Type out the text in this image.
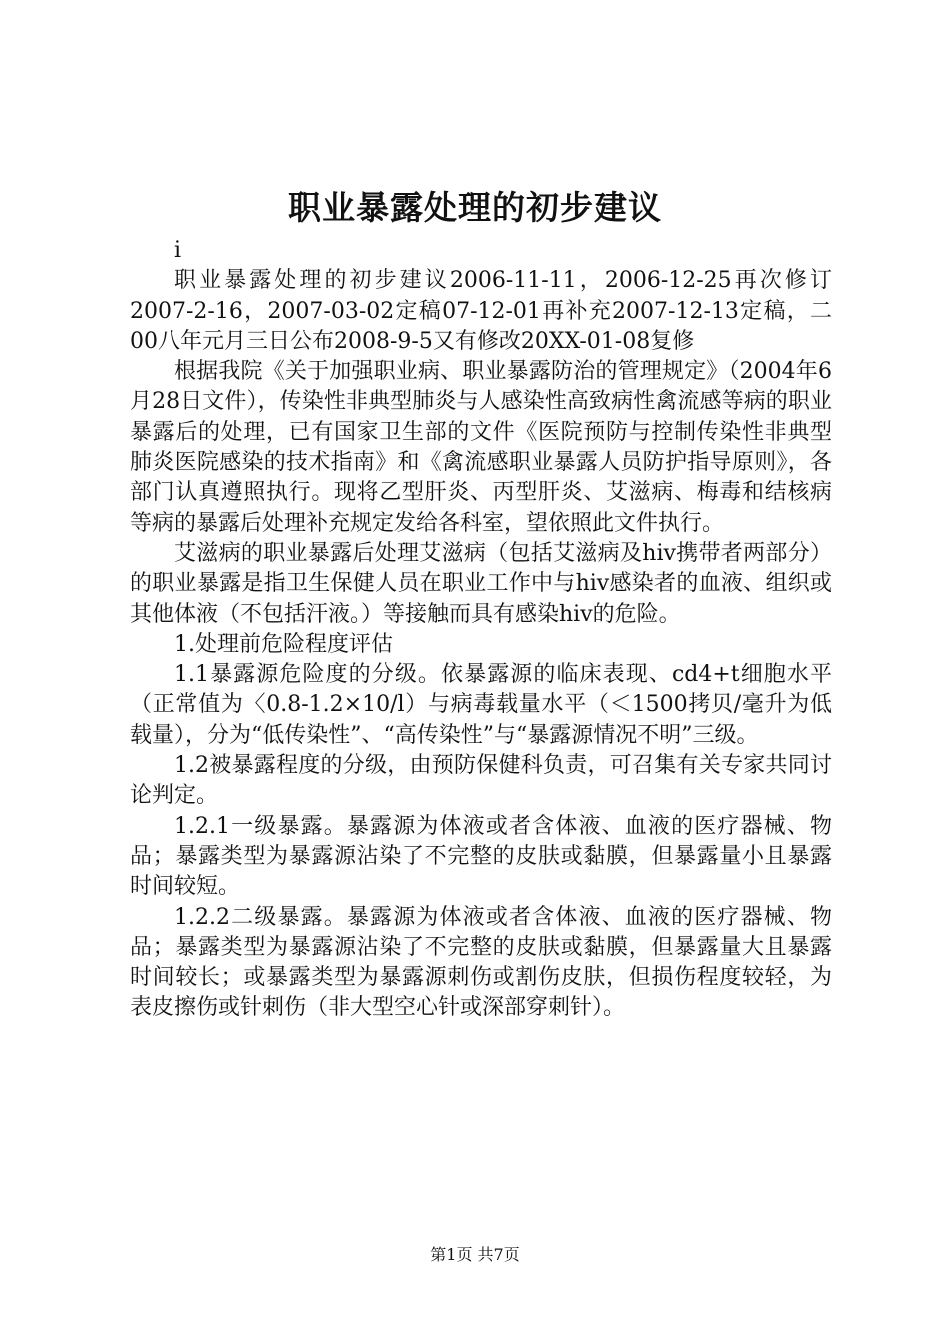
职业暴露处理的初步建议

i

职业暴露处理的初步建议2006-11-11，2006-12-25再次修订2007-2-16，2007-03-02定稿07-12-01再补充2007-12-13定稿，二00八年元月三日公布2008-9-5又有修改20XX-01-08复修

根据我院《关于加强职业病、职业暴露防治的管理规定》（2004年6月28日文件），传染性非典型肺炎与人感染性高致病性禽流感等病的职业暴露后的处理，已有国家卫生部的文件《医院预防与控制传染性非典型肺炎医院感染的技术指南》和《禽流感职业暴露人员防护指导原则》，各部门认真遵照执行。现将乙型肝炎、丙型肝炎、艾滋病、梅毒和结核病等病的暴露后处理补充规定发给各科室，望依照此文件执行。

艾滋病的职业暴露后处理艾滋病（包括艾滋病及hiv携带者两部分）的职业暴露是指卫生保健人员在职业工作中与hiv感染者的血液、组织或其他体液（不包括汗液。）等接触而具有感染hiv的危险。

1.处理前危险程度评估

1.1暴露源危险度的分级。依暴露源的临床表现、cd4+t细胞水平（正常值为〈0.8-1.2×10/l）与病毒载量水平（＜1500拷贝/毫升为低载量），分为“低传染性”、“高传染性”与“暴露源情况不明”三级。

1.2被暴露程度的分级，由预防保健科负责，可召集有关专家共同讨论判定。

1.2.1一级暴露。暴露源为体液或者含体液、血液的医疗器械、物品；暴露类型为暴露源沾染了不完整的皮肤或黏膜，但暴露量小且暴露时间较短。

1.2.2二级暴露。暴露源为体液或者含体液、血液的医疗器械、物品；暴露类型为暴露源沾染了不完整的皮肤或黏膜，但暴露量大且暴露时间较长；或暴露类型为暴露源刺伤或割伤皮肤，但损伤程度较轻，为表皮擦伤或针刺伤（非大型空心针或深部穿刺针）。

第1页 共7页
